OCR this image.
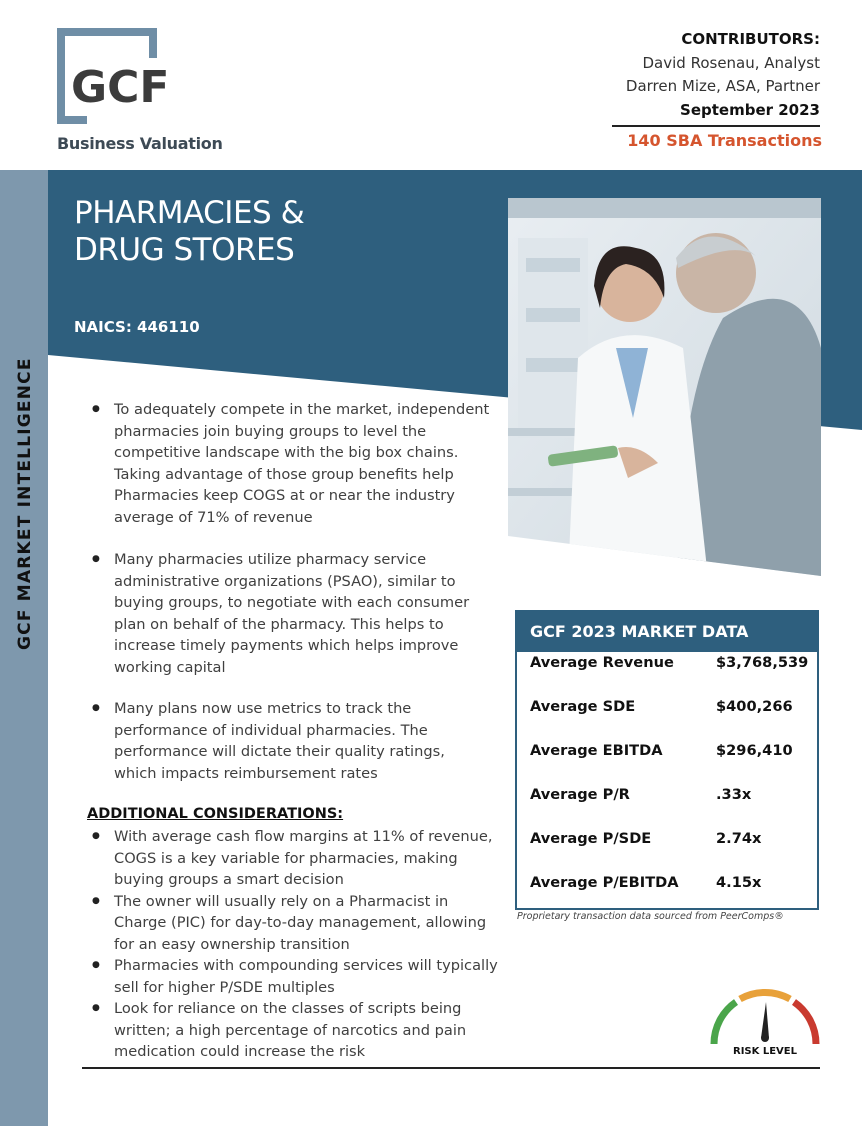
GCF
Business Valuation
CONTRIBUTORS:
David Rosenau, Analyst
Darren Mize, ASA, Partner
September 2023
140 SBA Transactions
GCF MARKET INTELLIGENCE
PHARMACIES &
DRUG STORES
NAICS: 446110
● To adequately compete in the market, independent pharmacies join buying groups to level the competitive landscape with the big box chains. Taking advantage of those group benefits help Pharmacies keep COGS at or near the industry average of 71% of revenue
● Many pharmacies utilize pharmacy service administrative organizations (PSAO), similar to buying groups, to negotiate with each consumer plan on behalf of the pharmacy. This helps to increase timely payments which helps improve working capital
● Many plans now use metrics to track the performance of individual pharmacies. The performance will dictate their quality ratings, which impacts reimbursement rates
ADDITIONAL CONSIDERATIONS:
● With average cash flow margins at 11% of revenue, COGS is a key variable for pharmacies, making buying groups a smart decision
● The owner will usually rely on a Pharmacist in Charge (PIC) for day-to-day management, allowing for an easy ownership transition
● Pharmacies with compounding services will typically sell for higher P/SDE multiples
● Look for reliance on the classes of scripts being written; a high percentage of narcotics and pain medication could increase the risk
GCF 2023 MARKET DATA
Average Revenue	$3,768,539
Average SDE	$400,266
Average EBITDA	$296,410
Average P/R	.33x
Average P/SDE	2.74x
Average P/EBITDA	4.15x
Proprietary transaction data sourced from PeerComps®
RISK LEVEL
